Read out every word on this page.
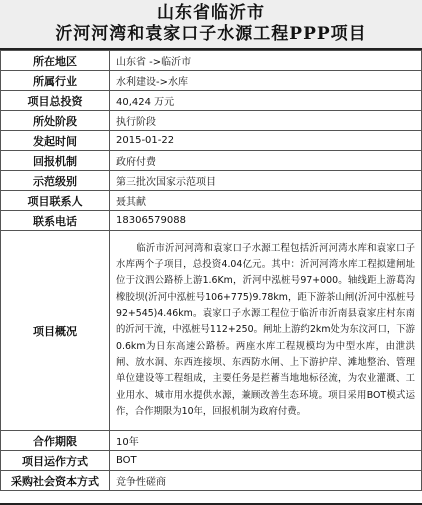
山东省临沂市
沂河河湾和袁家口子水源工程PPP项目
所在地区	山东省 ->临沂市
所属行业	水利建设->水库
项目总投资	40,424 万元
所处阶段	执行阶段
发起时间	2015-01-22
回报机制	政府付费
示范级别	第三批次国家示范项目
项目联系人	聂其献
联系电话	18306579088
项目概况	临沂市沂河河湾和袁家口子水源工程包括沂河河湾水库和袁家口子水库两个子项目，总投资4.04亿元。其中：沂河河湾水库工程拟建闸址位于汶泗公路桥上游1.6Km，沂河中泓桩号97+000。轴线距上游葛沟橡胶坝(沂河中泓桩号106+775)9.78km，距下游茶山闸(沂河中泓桩号92+545)4.46km。袁家口子水源工程位于临沂市沂南县袁家庄村东南的沂河干流，中泓桩号112+250。闸址上游约2km处为东汶河口，下游0.6km为日东高速公路桥。两座水库工程规模均为中型水库，由泄洪闸、放水洞、东西连接坝、东西防水闸、上下游护岸、滩地整治、管理单位建设等工程组成，主要任务是拦蓄当地地标径流，为农业灌溉、工业用水、城市用水提供水源，兼顾改善生态环境。项目采用BOT模式运作，合作期限为10年，回报机制为政府付费。
合作期限	10年
项目运作方式	BOT
采购社会资本方式	竞争性磋商
